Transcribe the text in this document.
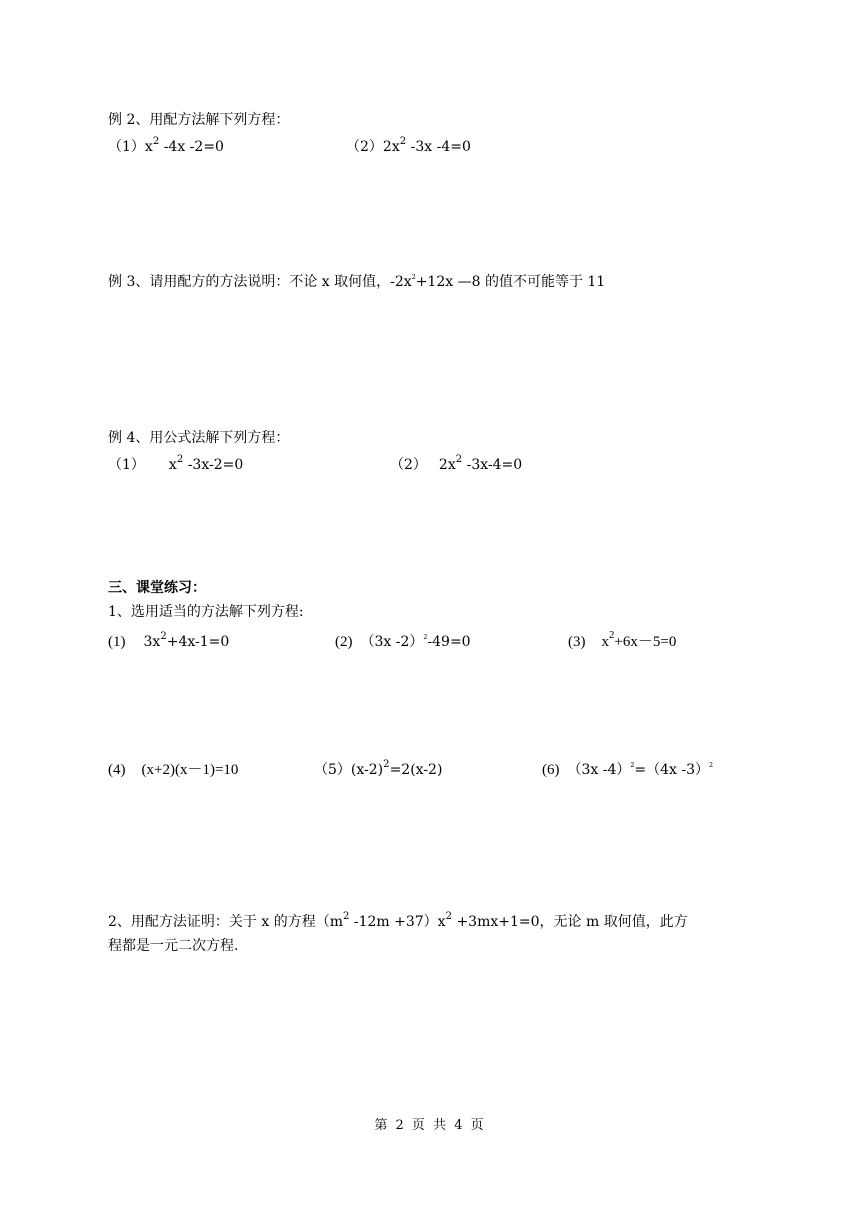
例 2、用配方法解下列方程：
$(1)x^2$ -4x -2=0	$(2)2x^2$ -3x -4=0
例 3、请用配方的方法说明：不论 x 取何值，$-2x^2+12x$ —8 的值不可能等于 11
例 4、用公式法解下列方程：
（1） $x^2$ -3x-2=0	（2） $2x^2$ -3x-4=0
三、课堂练习：
1、选用适当的方法解下列方程:
(1) $3x^2+4x-1=0$	(2) （3x -2）$^2$-49=0	(3) $x^2+6x-5=0$
(4) (x+2)(x－1)=10	$(5)(x-2)^2=2(x-2)$	(6) （3x -4）$^2$=（4x -3）$^2$
2、用配方法证明：关于 x 的方程（$m^2$ $-12m +37)x^2 +3mx+1=0$，无论 m 取何值，此方
程都是一元二次方程.
第 2 页 共 4 页
